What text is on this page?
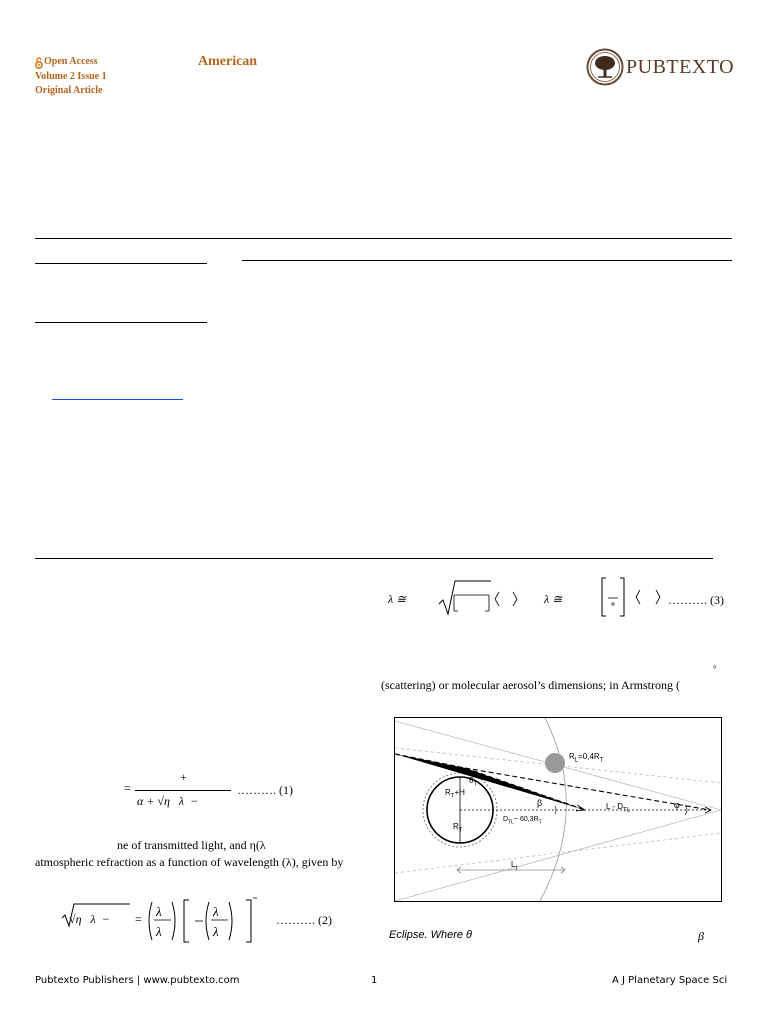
Open Access
Volume 2 Issue 1
Original Article
American	PUBTEXTO
λ ≅	λ ≅	………. (3)
°
(scattering) or molecular aerosol’s dimensions; in Armstrong (
$R_L=0,4R_T$
$R_T+H$
$\theta_T$
$R_T$
β
$D_{TL}\sim$ $60,3R_T$
L - $D_{TL}$
φ
$L_t$
Eclipse. Where θ	β
=
+
α + √η   λ  −
………. (1)
ne of transmitted light, and η(λ
atmospheric refraction as a function of wavelength (λ), given by
√η   λ  − = λ
λ
λ
λ
………. (2)
Pubtexto Publishers | www.pubtexto.com	1	A J Planetary Space Sci
